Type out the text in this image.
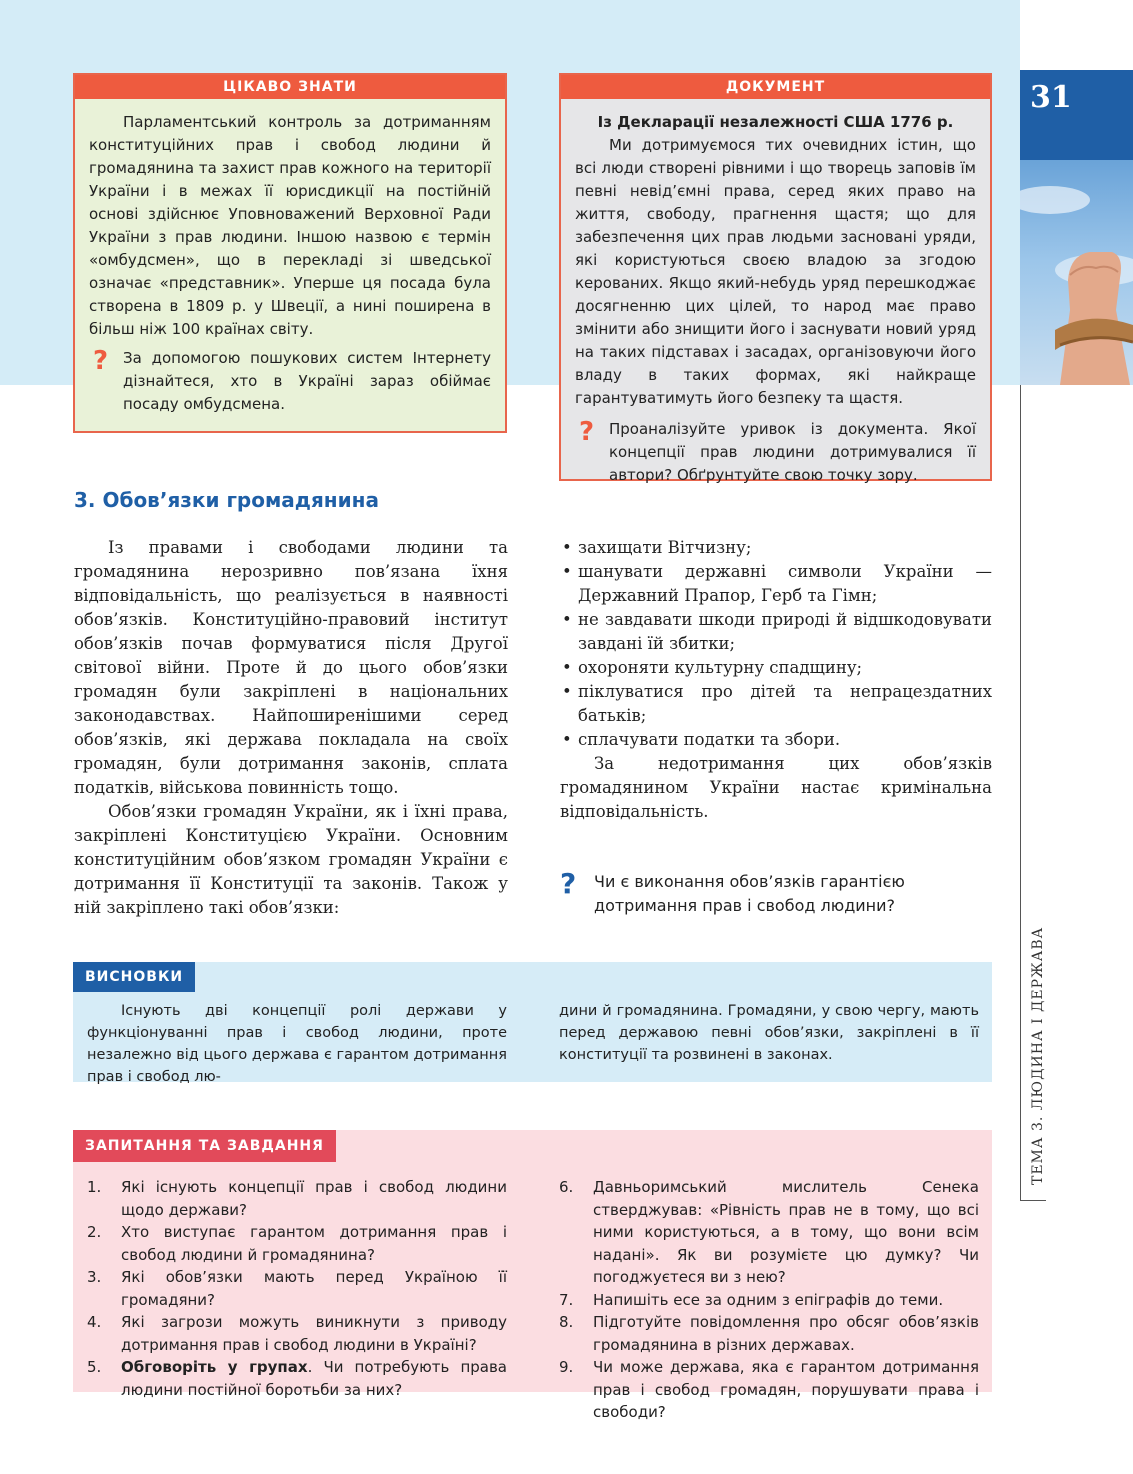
ЦІКАВО ЗНАТИ

Парламентський контроль за дотриманням конституційних прав і свобод людини й громадянина та захист прав кожного на території України і в межах її юрисдикції на постійній основі здійснює Уповноважений Верховної Ради України з прав людини. Іншою назвою є термін «омбудсмен», що в перекладі зі шведської означає «представник». Уперше ця посада була створена в 1809 р. у Швеції, а нині поширена в більш ніж 100 країнах світу.

? За допомогою пошукових систем Інтернету дізнайтеся, хто в Україні зараз обіймає посаду омбудсмена.
ДОКУМЕНТ

Із Декларації незалежності США 1776 р.

Ми дотримуємося тих очевидних істин, що всі люди створені рівними і що творець заповів їм певні невід’ємні права, серед яких право на життя, свободу, прагнення щастя; що для забезпечення цих прав людьми засновані уряди, які користуються своєю владою за згодою керованих. Якщо який-небудь уряд перешкоджає досягненню цих цілей, то народ має право змінити або знищити його і заснувати новий уряд на таких підставах і засадах, організовуючи його владу в таких формах, які найкраще гарантуватимуть його безпеку та щастя.

? Проаналізуйте уривок із документа. Якої концепції прав людини дотримувалися її автори? Обґрунтуйте свою точку зору.
31
ТЕМА 3. ЛЮДИНА І ДЕРЖАВА
3. Обов’язки громадянина

Із правами і свободами людини та громадянина нерозривно пов’язана їхня відповідальність, що реалізується в наявності обов’язків. Конституційно-правовий інститут обов’язків почав формуватися після Другої світової війни. Проте й до цього обов’язки громадян були закріплені в національних законодавствах. Найпоширенішими серед обов’язків, які держава покладала на своїх громадян, були дотримання законів, сплата податків, військова повинність тощо.

Обов’язки громадян України, як і їхні права, закріплені Конституцією України. Основним конституційним обов’язком громадян України є дотримання її Конституції та законів. Також у ній закріплено такі обов’язки:

• захищати Вітчизну;
• шанувати державні символи України — Державний Прапор, Герб та Гімн;
• не завдавати шкоди природі й відшкодовувати завдані їй збитки;
• охороняти культурну спадщину;
• піклуватися про дітей та непрацездатних батьків;
• сплачувати податки та збори.

За недотримання цих обов’язків громадянином України настає кримінальна відповідальність.

?	Чи є виконання обов’язків гарантією дотримання прав і свобод людини?
ВИСНОВКИ

Існують дві концепції ролі держави у функціонуванні прав і свобод людини, проте незалежно від цього держава є гарантом дотримання прав і свобод лю-

дини й громадянина. Громадяни, у свою чергу, мають перед державою певні обов’язки, закріплені в її конституції та розвинені в законах.

ЗАПИТАННЯ ТА ЗАВДАННЯ
1. Які існують концепції прав і свобод людини щодо держави?
2. Хто виступає гарантом дотримання прав і свобод людини й громадянина?
3. Які обов’язки мають перед Україною її громадяни?
4. Які загрози можуть виникнути з приводу дотримання прав і свобод людини в Україні?
5. Обговоріть у групах. Чи потребують права людини постійної боротьби за них?
6. Давньоримський мислитель Сенека стверджував: «Рівність прав не в тому, що всі ними користуються, а в тому, що вони всім надані». Як ви розумієте цю думку? Чи погоджуєтеся ви з нею?
7. Напишіть есе за одним з епіграфів до теми.
8. Підготуйте повідомлення про обсяг обов’язків громадянина в різних державах.
9. Чи може держава, яка є гарантом дотримання прав і свобод громадян, порушувати права і свободи?
